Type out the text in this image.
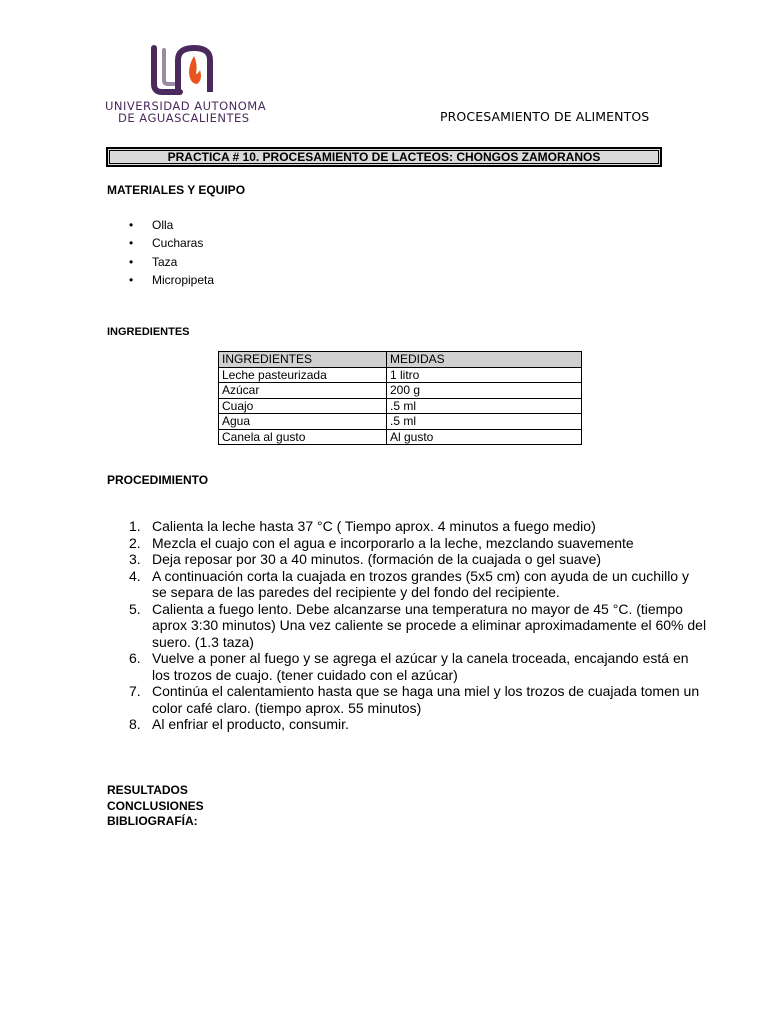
UNIVERSIDAD AUTONOMA
DE AGUASCALIENTES	PROCESAMIENTO DE ALIMENTOS
PRACTICA # 10. PROCESAMIENTO DE LACTEOS: CHONGOS ZAMORANOS
MATERIALES Y EQUIPO
• Olla
• Cucharas
• Taza
• Micropipeta
INGREDIENTES
INGREDIENTES	MEDIDAS
Leche pasteurizada	1 litro
Azúcar	200 g
Cuajo	.5 ml
Agua	.5 ml
Canela al gusto	Al gusto
PROCEDIMIENTO
1. Calienta la leche hasta 37 °C ( Tiempo aprox. 4 minutos a fuego medio)
2. Mezcla el cuajo con el agua e incorporarlo a la leche, mezclando suavemente
3. Deja reposar por 30 a 40 minutos. (formación de la cuajada o gel suave)
4. A continuación corta la cuajada en trozos grandes (5x5 cm) con ayuda de un cuchillo y se separa de las paredes del recipiente y del fondo del recipiente.
5. Calienta a fuego lento. Debe alcanzarse una temperatura no mayor de 45 °C. (tiempo aprox 3:30 minutos) Una vez caliente se procede a eliminar aproximadamente el 60% del suero. (1.3 taza)
6. Vuelve a poner al fuego y se agrega el azúcar y la canela troceada, encajando está en los trozos de cuajo. (tener cuidado con el azúcar)
7. Continúa el calentamiento hasta que se haga una miel y los trozos de cuajada tomen un color café claro. (tiempo aprox. 55 minutos)
8. Al enfriar el producto, consumir.
RESULTADOS
CONCLUSIONES
BIBLIOGRAFÍA:
